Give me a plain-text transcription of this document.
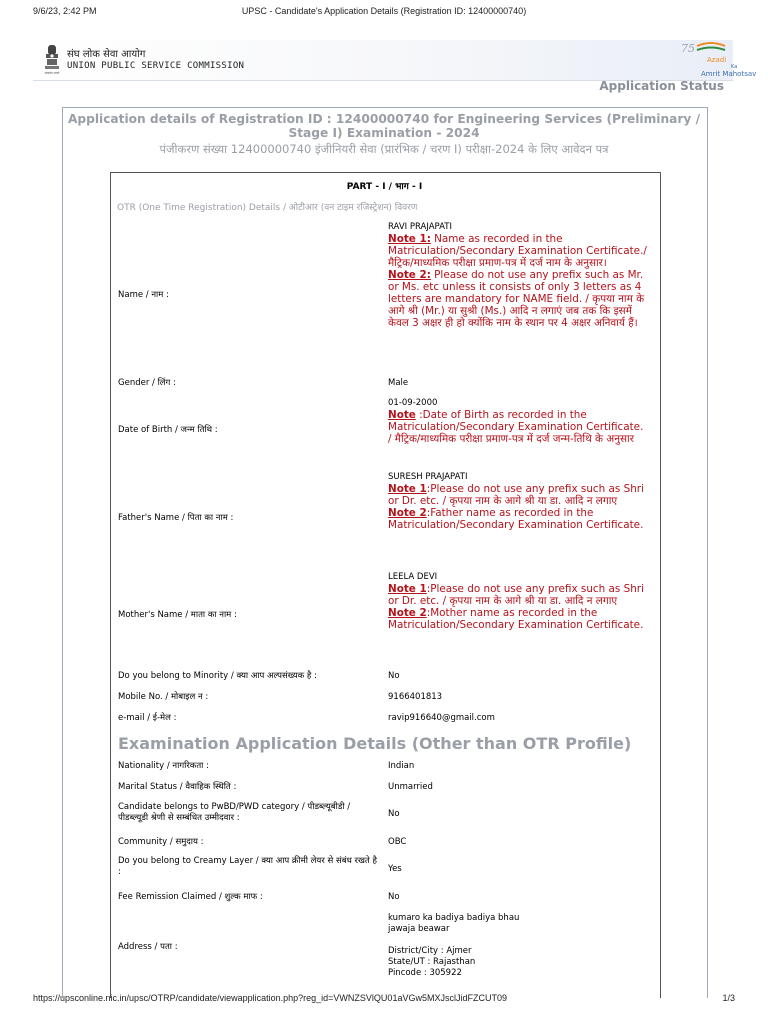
9/6/23, 2:42 PM	UPSC - Candidate's Application Details (Registration ID: 12400000740)
सत्यमेव जयते
संघ लोक सेवा आयोग
UNION PUBLIC SERVICE COMMISSION
75
Azadi
Ka
Amrit Mahotsav
Application Status
Application details of Registration ID : 12400000740 for Engineering Services (Preliminary / Stage I) Examination - 2024
पंजीकरण संख्या 12400000740 इंजीनियरी सेवा (प्रारंभिक / चरण I) परीक्षा-2024 के लिए आवेदन पत्र
PART - I / भाग - I
OTR (One Time Registration) Details / ओटीआर (वन टाइम रजिस्ट्रेशन) विवरण
Name / नाम :
RAVI PRAJAPATI
Note 1: Name as recorded in the Matriculation/Secondary Examination Certificate./ मैट्रिक/माध्यमिक परीक्षा प्रमाण-पत्र में दर्ज नाम के अनुसार।
Note 2: Please do not use any prefix such as Mr. or Ms. etc unless it consists of only 3 letters as 4 letters are mandatory for NAME field. / कृपया नाम के आगे श्री (Mr.) या सुश्री (Ms.) आदि न लगाएं जब तक कि इसमें केवल 3 अक्षर ही हो क्योंकि नाम के स्थान पर 4 अक्षर अनिवार्य हैं।
Gender / लिंग :	Male
Date of Birth / जन्म तिथि :
01-09-2000
Note :Date of Birth as recorded in the Matriculation/Secondary Examination Certificate. / मैट्रिक/माध्यमिक परीक्षा प्रमाण-पत्र में दर्ज जन्म-तिथि के अनुसार
Father's Name / पिता का नाम :
SURESH PRAJAPATI
Note 1:Please do not use any prefix such as Shri or Dr. etc. / कृपया नाम के आगे श्री या डा. आदि न लगाए
Note 2:Father name as recorded in the Matriculation/Secondary Examination Certificate.
Mother's Name / माता का नाम :
LEELA DEVI
Note 1:Please do not use any prefix such as Shri or Dr. etc. / कृपया नाम के आगे श्री या डा. आदि न लगाए
Note 2:Mother name as recorded in the Matriculation/Secondary Examination Certificate.
Do you belong to Minority / क्या आप अल्पसंख्यक है :	No
Mobile No. / मोबाइल न :	9166401813
e-mail / ई-मेल :	ravip916640@gmail.com
Examination Application Details (Other than OTR Profile)
Nationality / नागरिकता :	Indian
Marital Status / वैवाहिक स्थिति :	Unmarried
Candidate belongs to PwBD/PWD category / पीडब्ल्यूबीडी / पीडब्ल्यूडी श्रेणी से सम्बंधित उम्मीदवार :	No
Community / समुदाय :	OBC
Do you belong to Creamy Layer / क्या आप क्रीमी लेयर से संबंध रखते है :	Yes
Fee Remission Claimed / शुल्क माफ :	No
Address / पता :
kumaro ka badiya badiya bhau
jawaja beawar
District/City : Ajmer
State/UT : Rajasthan
Pincode : 305922
https://upsconline.nic.in/upsc/OTRP/candidate/viewapplication.php?reg_id=VWNZSVlQU01aVGw5MXJsclJidFZCUT09	1/3
